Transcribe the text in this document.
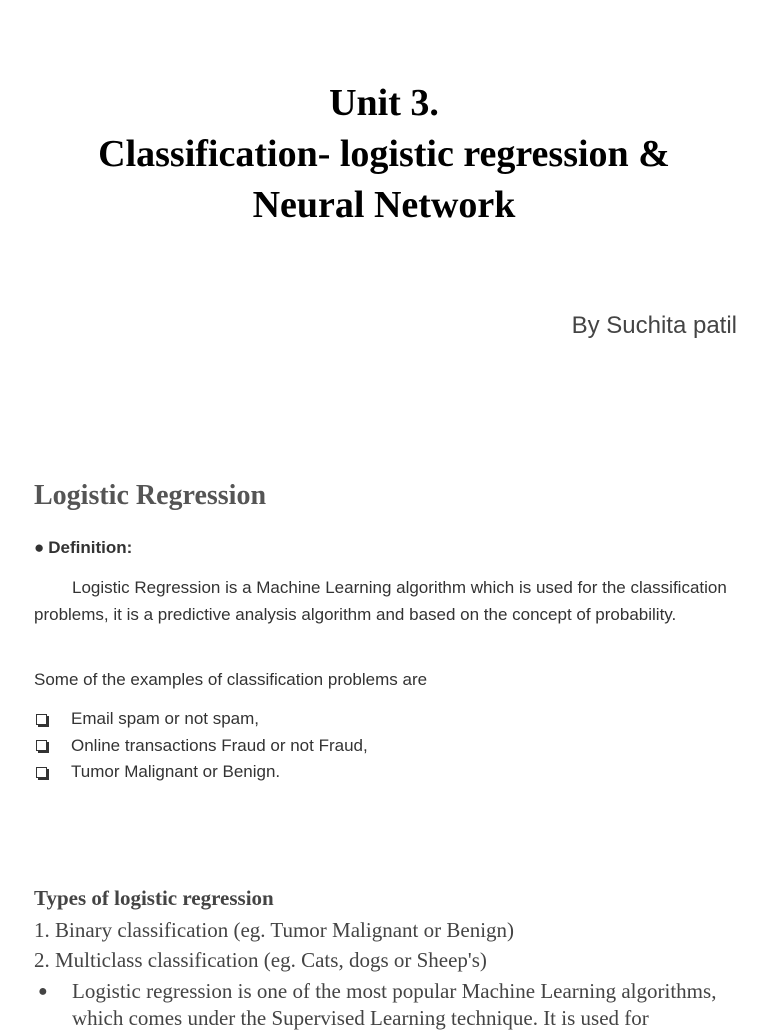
Unit 3.
Classification- logistic regression &
Neural Network
By Suchita patil
Logistic Regression
● Definition:
Logistic Regression is a Machine Learning algorithm which is used for the classification problems, it is a predictive analysis algorithm and based on the concept of probability.
Some of the examples of classification problems are
Email spam or not spam,
Online transactions Fraud or not Fraud,
Tumor Malignant or Benign.
Types of logistic regression
1. Binary classification (eg. Tumor Malignant or Benign)
2. Multiclass classification (eg. Cats, dogs or Sheep's)
● Logistic regression is one of the most popular Machine Learning algorithms, which comes under the Supervised Learning technique. It is used for
